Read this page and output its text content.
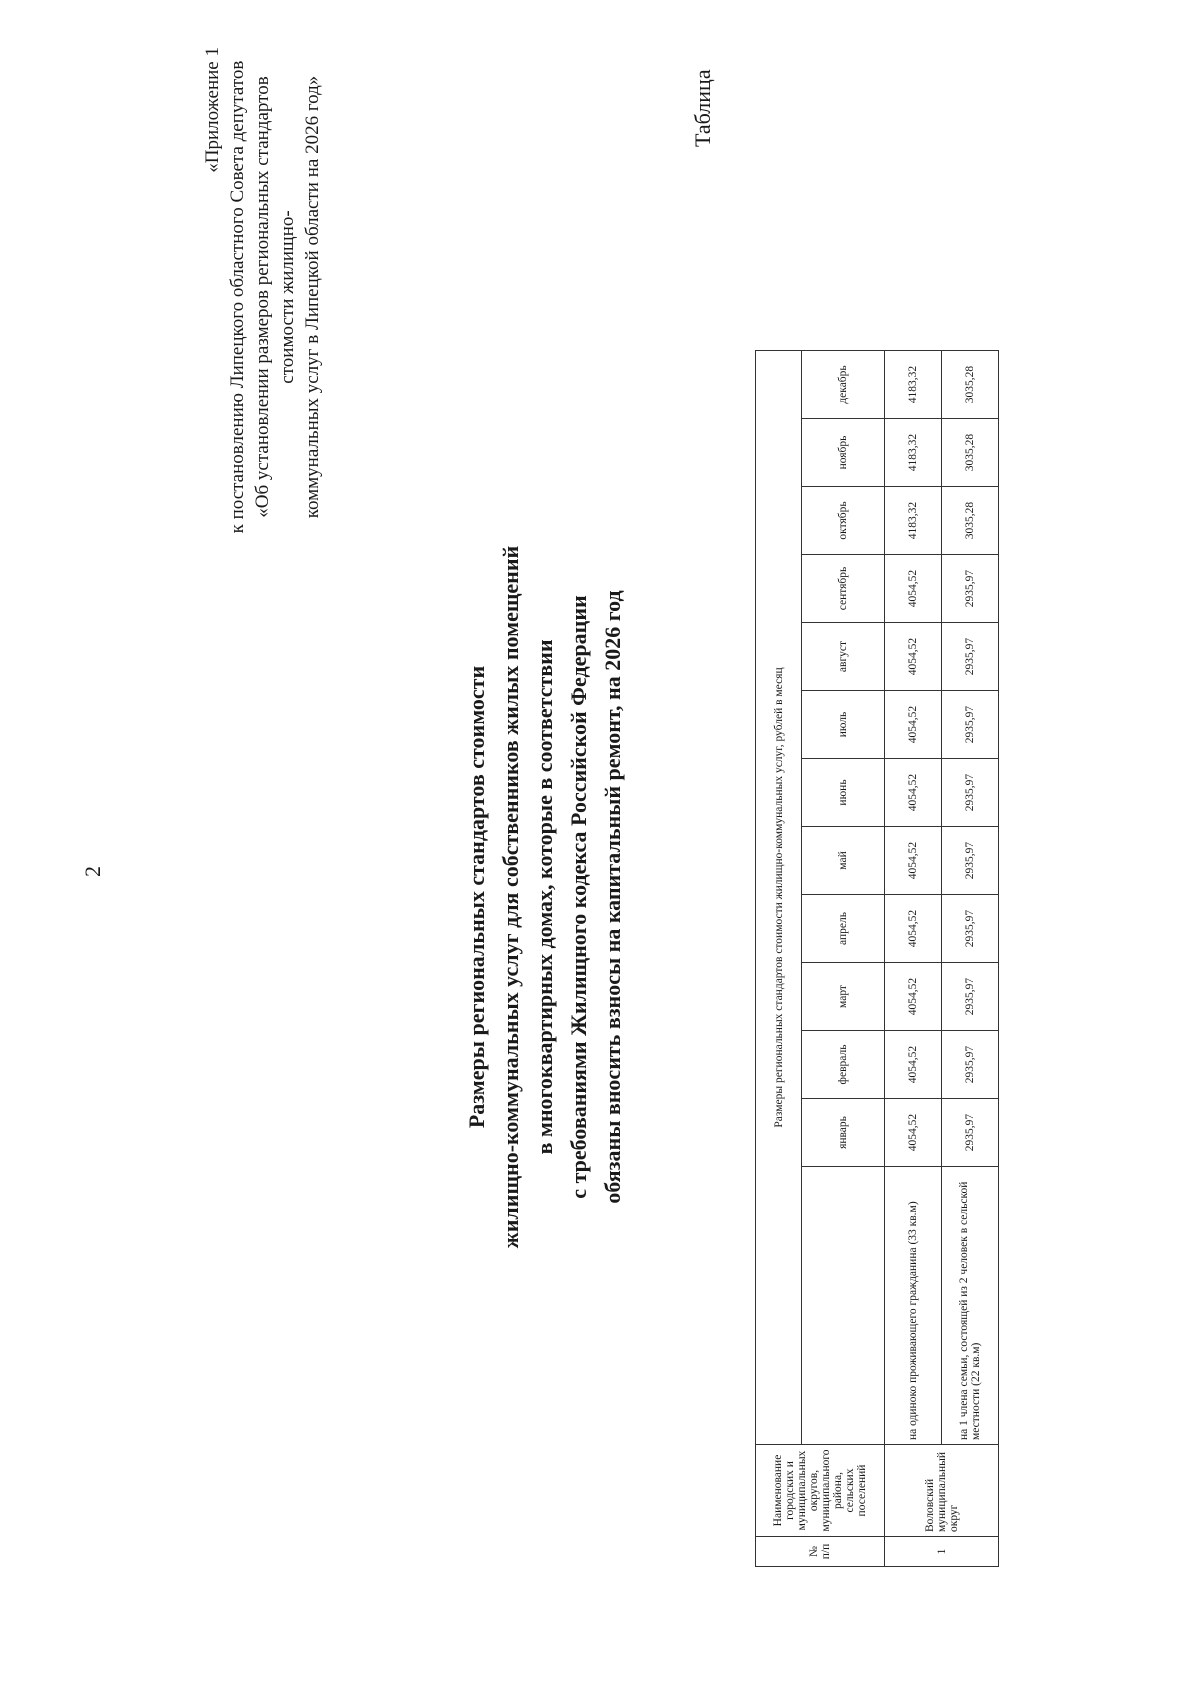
2
«Приложение 1 к постановлению Липецкого областного Совета депутатов «Об установлении размеров региональных стандартов стоимости жилищно- коммунальных услуг в Липецкой области на 2026 год»
Размеры региональных стандартов стоимости жилищно-коммунальных услуг для собственников жилых помещений в многоквартирных домах, которые в соответствии с требованиями Жилищного кодекса Российской Федерации обязаны вносить взносы на капитальный ремонт, на 2026 год
Таблица
№ п/п	Наименование городских и муниципальных округов, муниципального района, сельских поселений	Размеры региональных стандартов стоимости жилищно-коммунальных услуг, рублей в месяц												
			январь	февраль	март	апрель	май	июнь	июль	август	сентябрь	октябрь	ноябрь	декабрь
1	Воловский муниципальный округ	на одиноко проживающего гражданина (33 кв.м)	4054,52	4054,52	4054,52	4054,52	4054,52	4054,52	4054,52	4054,52	4054,52	4183,32	4183,32	4183,32
		на 1 члена семьи, состоящей из 2 человек в сельской местности (22 кв.м)	2935,97	2935,97	2935,97	2935,97	2935,97	2935,97	2935,97	2935,97	2935,97	3035,28	3035,28	3035,28
